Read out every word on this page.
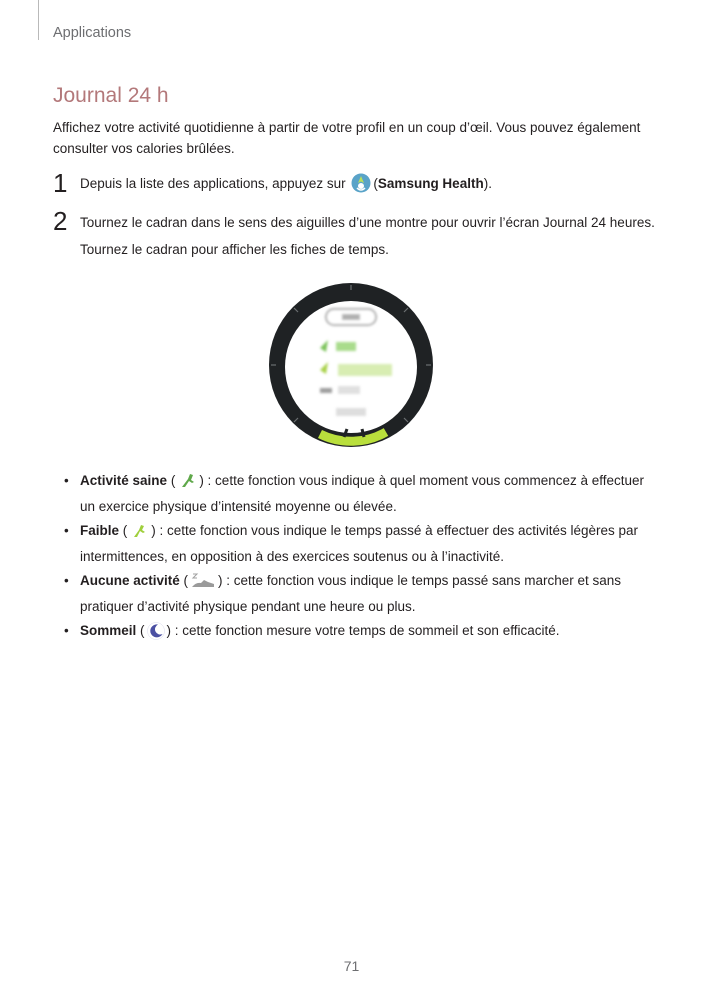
Applications
Journal 24 h
Affichez votre activité quotidienne à partir de votre profil en un coup d’œil. Vous pouvez également consulter vos calories brûlées.
1 Depuis la liste des applications, appuyez sur (Samsung Health).
2 Tournez le cadran dans le sens des aiguilles d’une montre pour ouvrir l’écran Journal 24 heures.
Tournez le cadran pour afficher les fiches de temps.
• Activité saine ( ) : cette fonction vous indique à quel moment vous commencez à effectuer un exercice physique d’intensité moyenne ou élevée.
• Faible ( ) : cette fonction vous indique le temps passé à effectuer des activités légères par intermittences, en opposition à des exercices soutenus ou à l’inactivité.
• Aucune activité ( ) : cette fonction vous indique le temps passé sans marcher et sans pratiquer d’activité physique pendant une heure ou plus.
• Sommeil ( ) : cette fonction mesure votre temps de sommeil et son efficacité.
71
